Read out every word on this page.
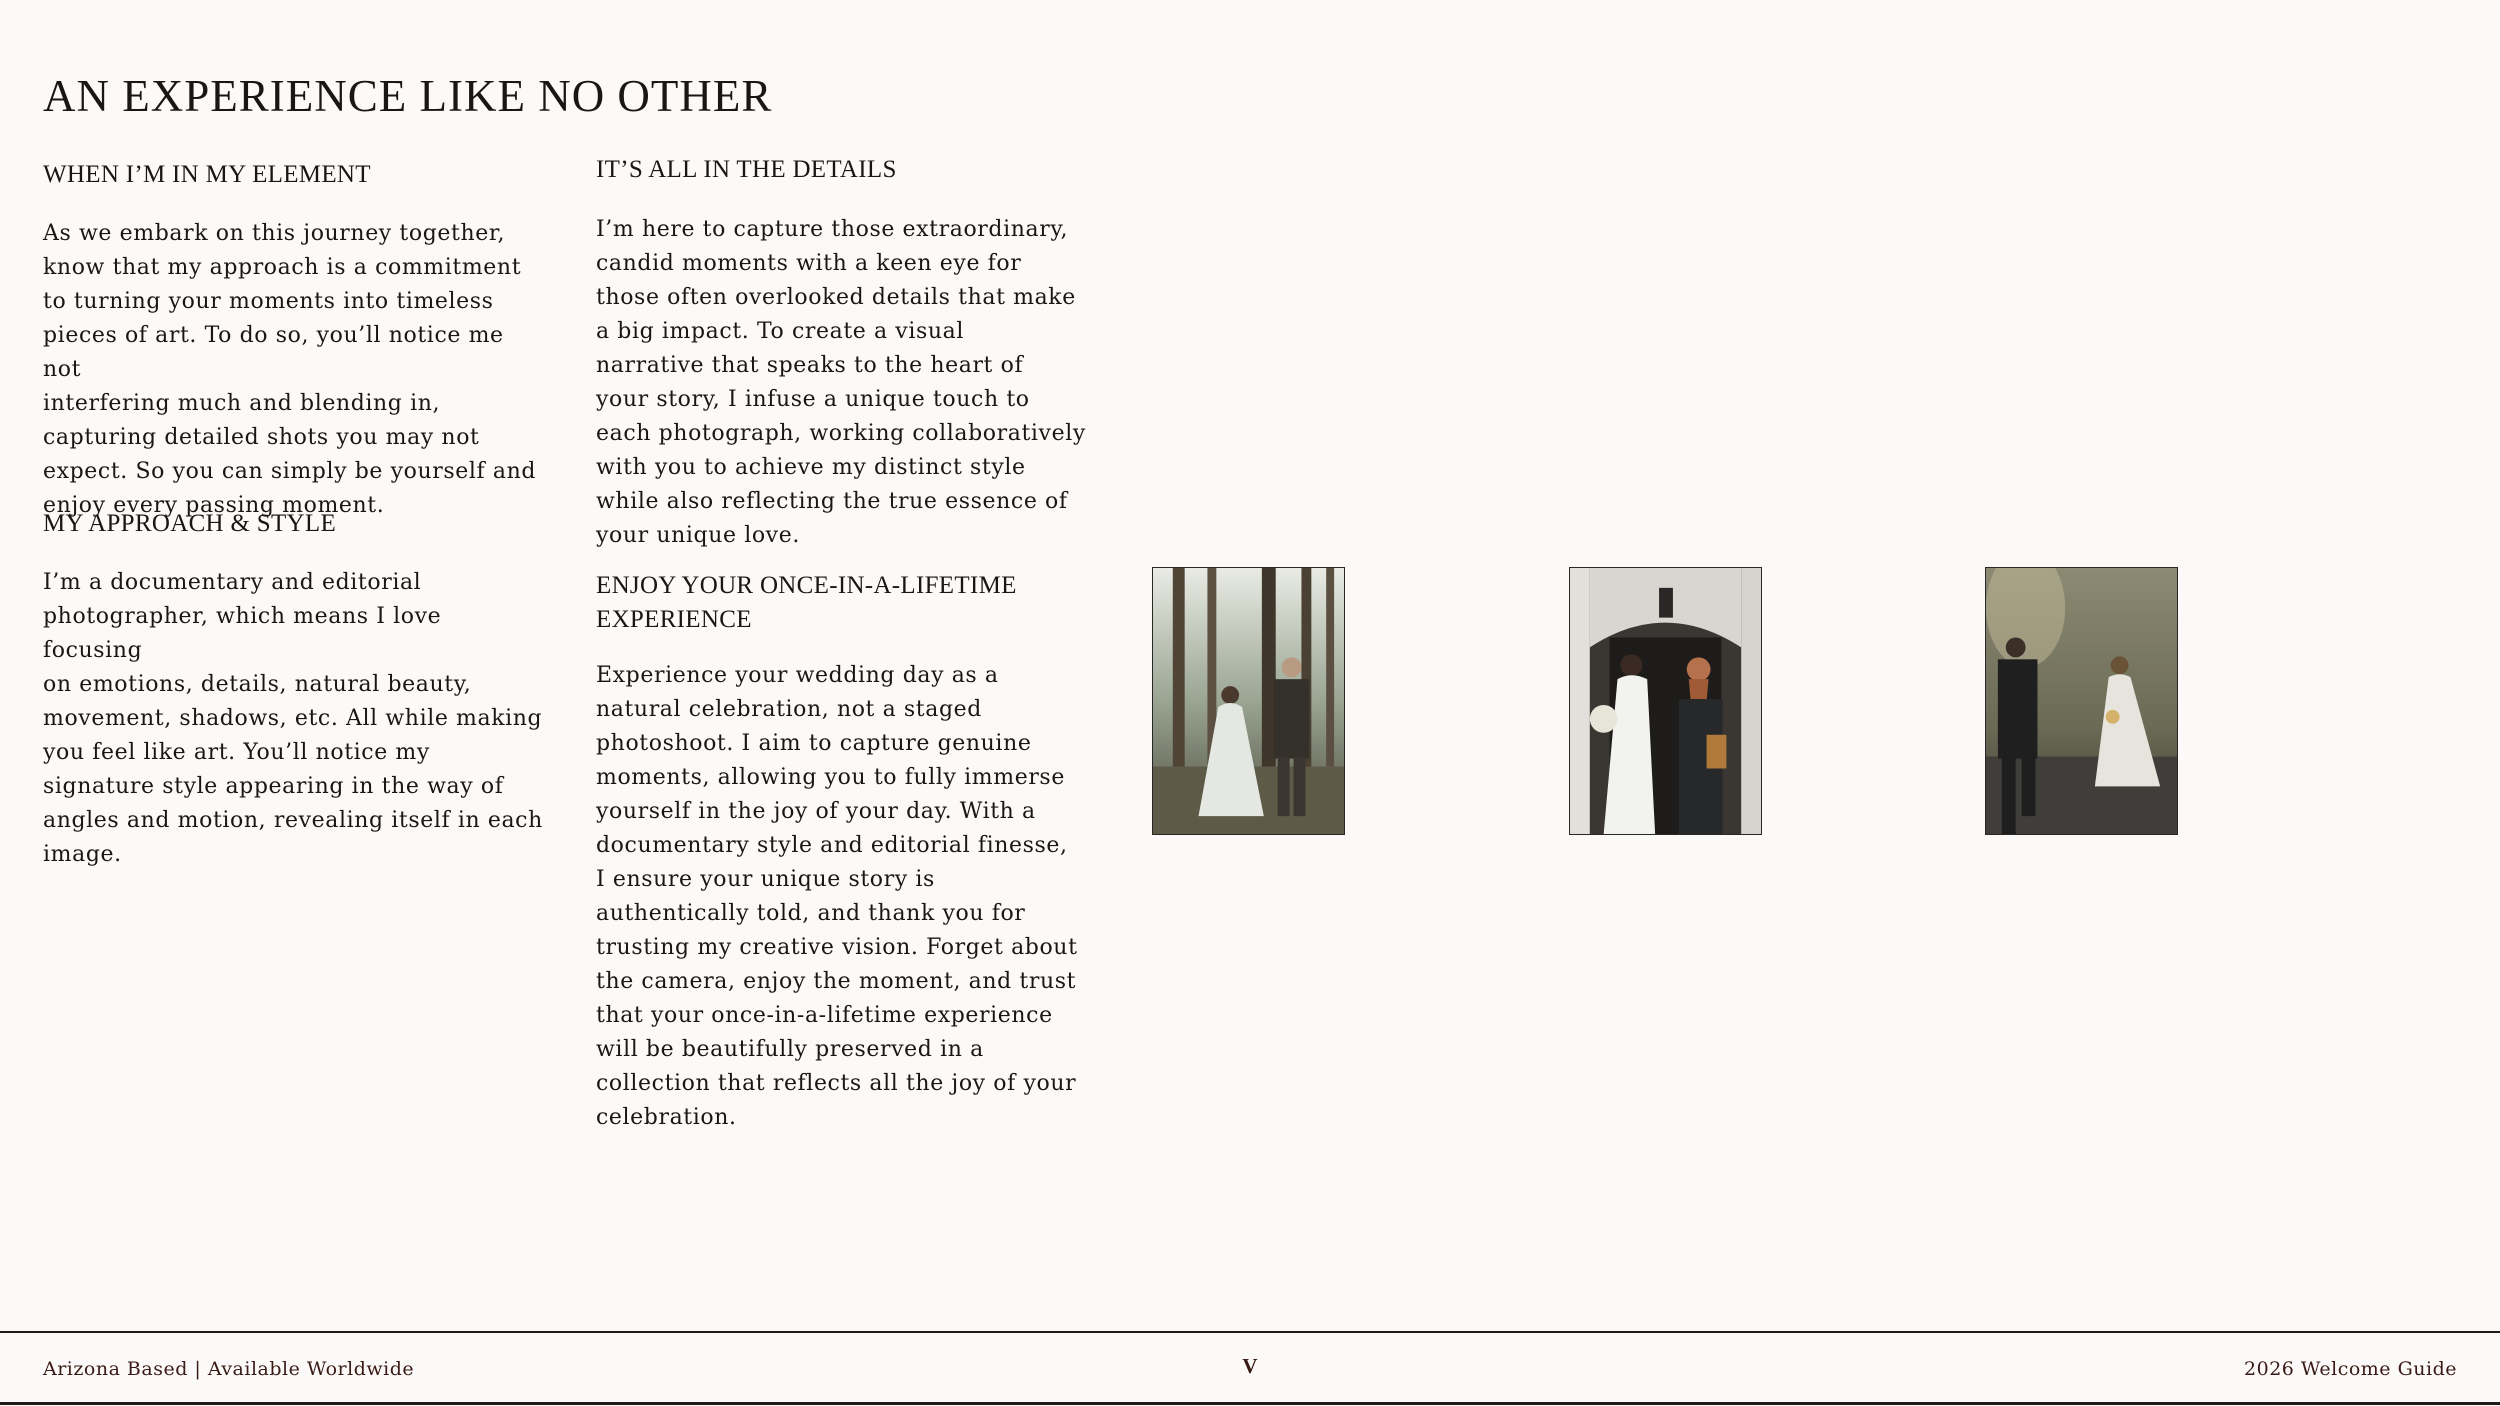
AN EXPERIENCE LIKE NO OTHER
WHEN I’M IN MY ELEMENT

As we embark on this journey together,
know that my approach is a commitment
to turning your moments into timeless
pieces of art. To do so, you’ll notice me not
interfering much and blending in,
capturing detailed shots you may not
expect. So you can simply be yourself and
enjoy every passing moment.

MY APPROACH & STYLE

I’m a documentary and editorial
photographer, which means I love focusing
on emotions, details, natural beauty,
movement, shadows, etc. All while making
you feel like art. You’ll notice my
signature style appearing in the way of
angles and motion, revealing itself in each
image.

IT’S ALL IN THE DETAILS

I’m here to capture those extraordinary,
candid moments with a keen eye for
those often overlooked details that make
a big impact. To create a visual
narrative that speaks to the heart of
your story, I infuse a unique touch to
each photograph, working collaboratively
with you to achieve my distinct style
while also reflecting the true essence of
your unique love.

ENJOY YOUR ONCE-IN-A-LIFETIME
EXPERIENCE

Experience your wedding day as a
natural celebration, not a staged
photoshoot. I aim to capture genuine
moments, allowing you to fully immerse
yourself in the joy of your day. With a
documentary style and editorial finesse,
I ensure your unique story is
authentically told, and thank you for
trusting my creative vision. Forget about
the camera, enjoy the moment, and trust
that your once-in-a-lifetime experience
will be beautifully preserved in a
collection that reflects all the joy of your
celebration.

Arizona Based | Available Worldwide	V	2026 Welcome Guide
